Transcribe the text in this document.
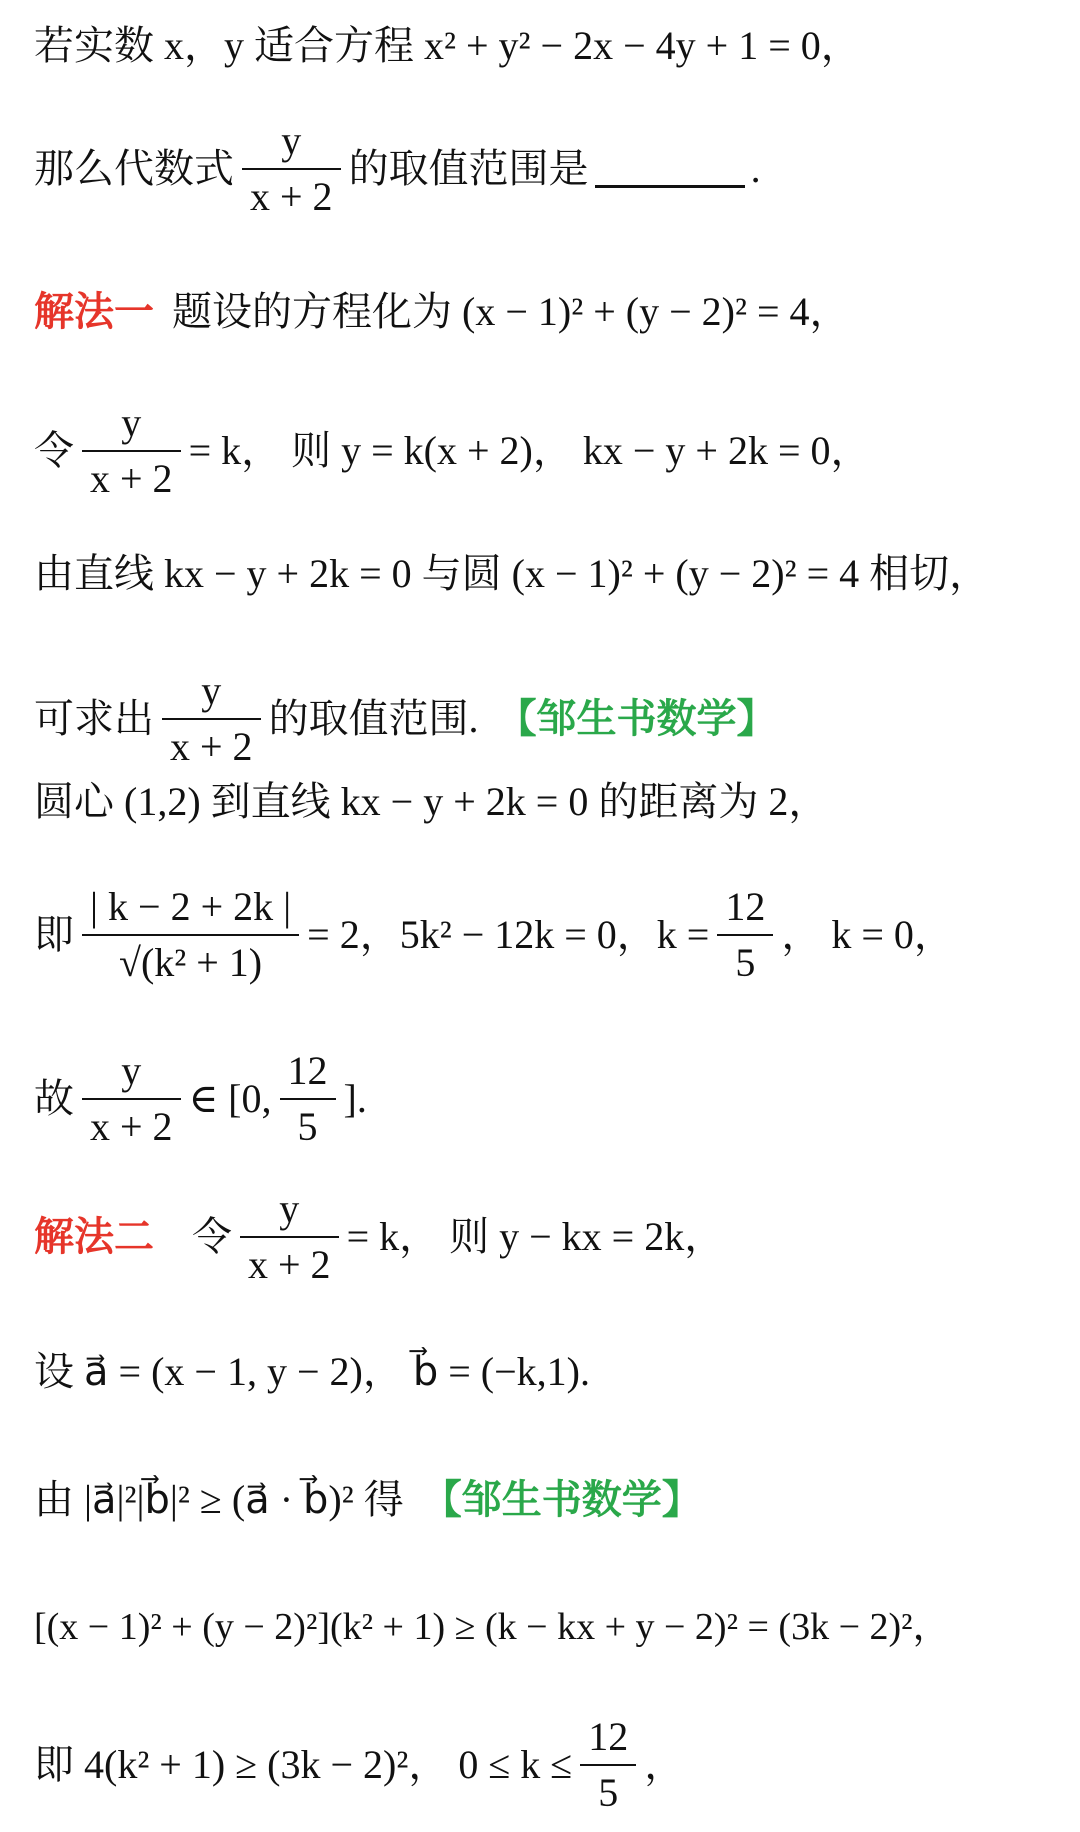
若实数 x，y 适合方程 x² + y² − 2x − 4y + 1 = 0，
那么代数式 $\frac{y}{x + 2}$ 的取值范围是	.
解法一 题设的方程化为 (x − 1)² + (y − 2)² = 4，
令 $\frac{y}{x + 2} = k$， 则 y = k(x + 2)， kx − y + 2k = 0，
由直线 kx − y + 2k = 0 与圆 (x − 1)² + (y − 2)² = 4 相切，
可求出 $\frac{y}{x + 2}$ 的取值范围. 【邹生书数学】
圆心 (1,2) 到直线 kx − y + 2k = 0 的距离为 2，
即 $\frac{| k - 2 + 2k |}{\text{√(k² + 1)}} = 2$，5k² − 12k = 0，$k = \frac{12}{5}$ ， k = 0，
故 $\frac{y}{x + 2}$ ∈ [0, $\frac{12}{5}$ ].
解法二 令 $\frac{y}{x + 2} = k$， 则 y − kx = 2k，
设 a⃗ = (x − 1, y − 2)， b⃗ = (−k,1).
由 |a⃗|²|b⃗|² ≥ (a⃗ · b⃗)² 得 【邹生书数学】
[(x − 1)² + (y − 2)²](k² + 1) ≥ (k − kx + y − 2)² = (3k − 2)²，
即 4(k² + 1) ≥ (3k − 2)²， $0 \le k \le \frac{12}{5}$ ，
